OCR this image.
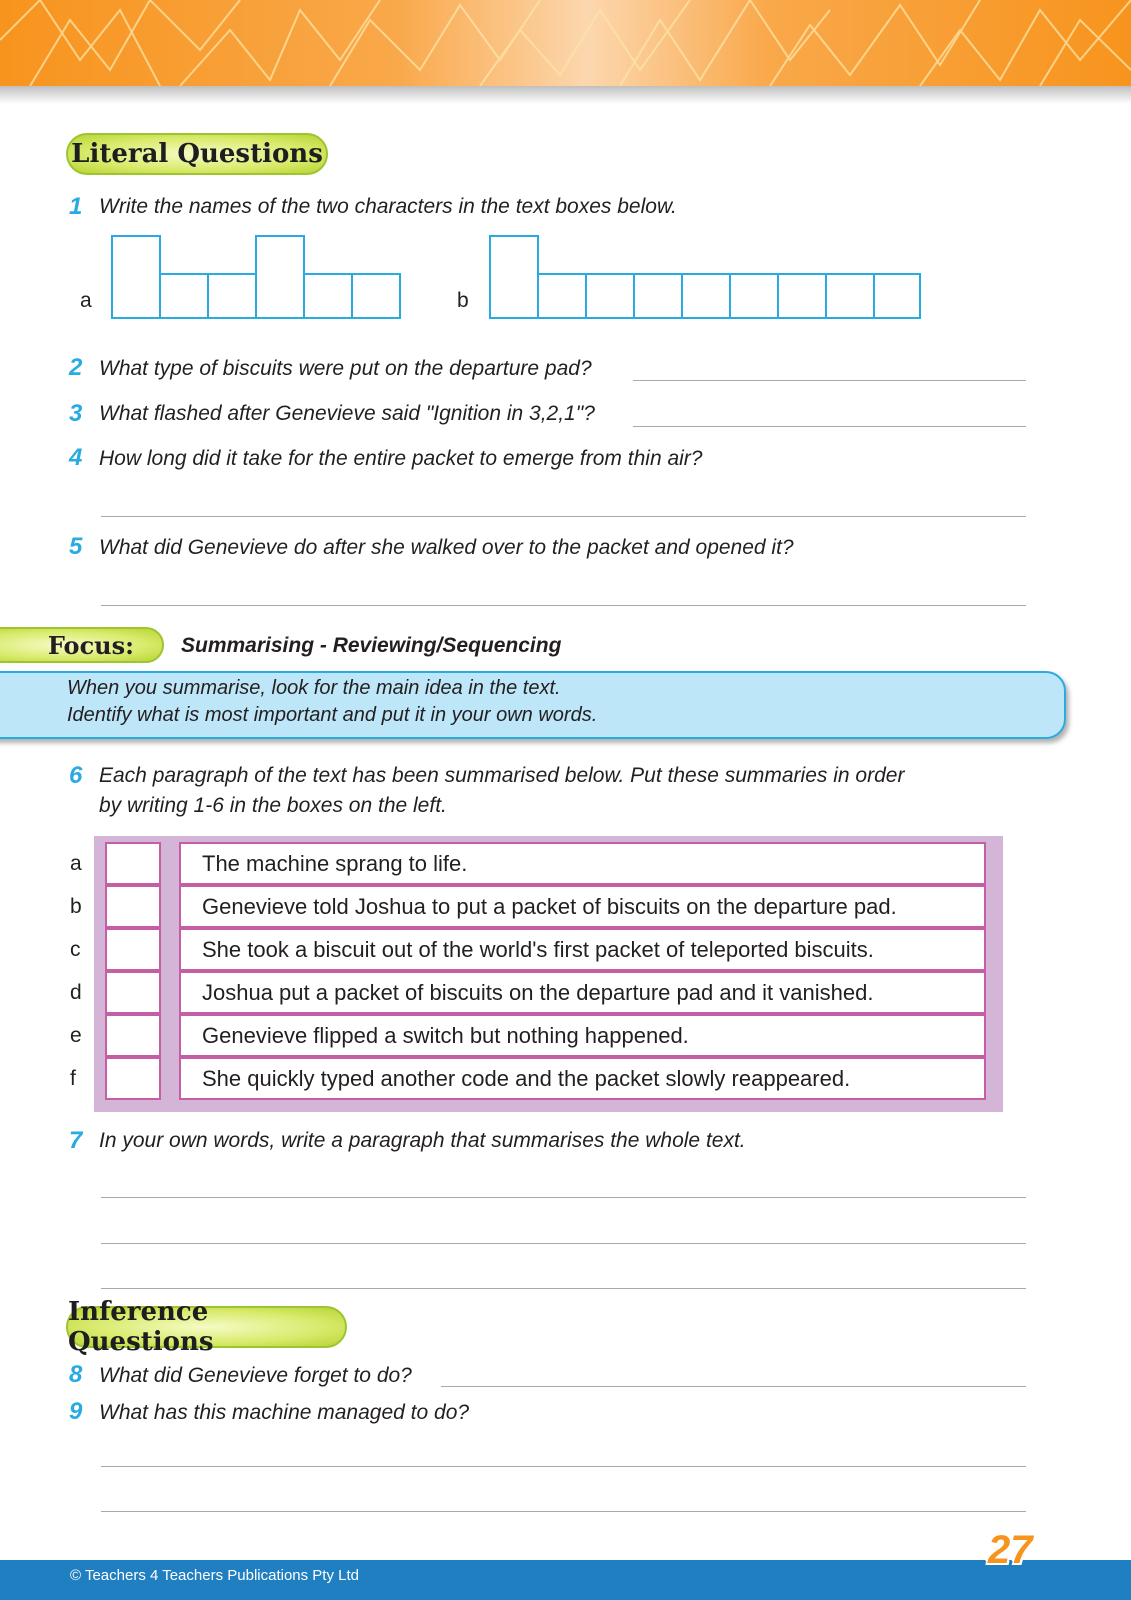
Literal Questions
1 Write the names of the two characters in the text boxes below.
a	b
2 What type of biscuits were put on the departure pad?
3 What flashed after Genevieve said "Ignition in 3,2,1"?
4 How long did it take for the entire packet to emerge from thin air?
5 What did Genevieve do after she walked over to the packet and opened it?
Focus:	Summarising - Reviewing/Sequencing
When you summarise, look for the main idea in the text.
Identify what is most important and put it in your own words.
6 Each paragraph of the text has been summarised below. Put these summaries in order
by writing 1-6 in the boxes on the left.
a	The machine sprang to life.
b	Genevieve told Joshua to put a packet of biscuits on the departure pad.
c	She took a biscuit out of the world's first packet of teleported biscuits.
d	Joshua put a packet of biscuits on the departure pad and it vanished.
e	Genevieve flipped a switch but nothing happened.
f	She quickly typed another code and the packet slowly reappeared.
7 In your own words, write a paragraph that summarises the whole text.
Inference Questions
8 What did Genevieve forget to do?
9 What has this machine managed to do?
© Teachers 4 Teachers Publications Pty Ltd
27
